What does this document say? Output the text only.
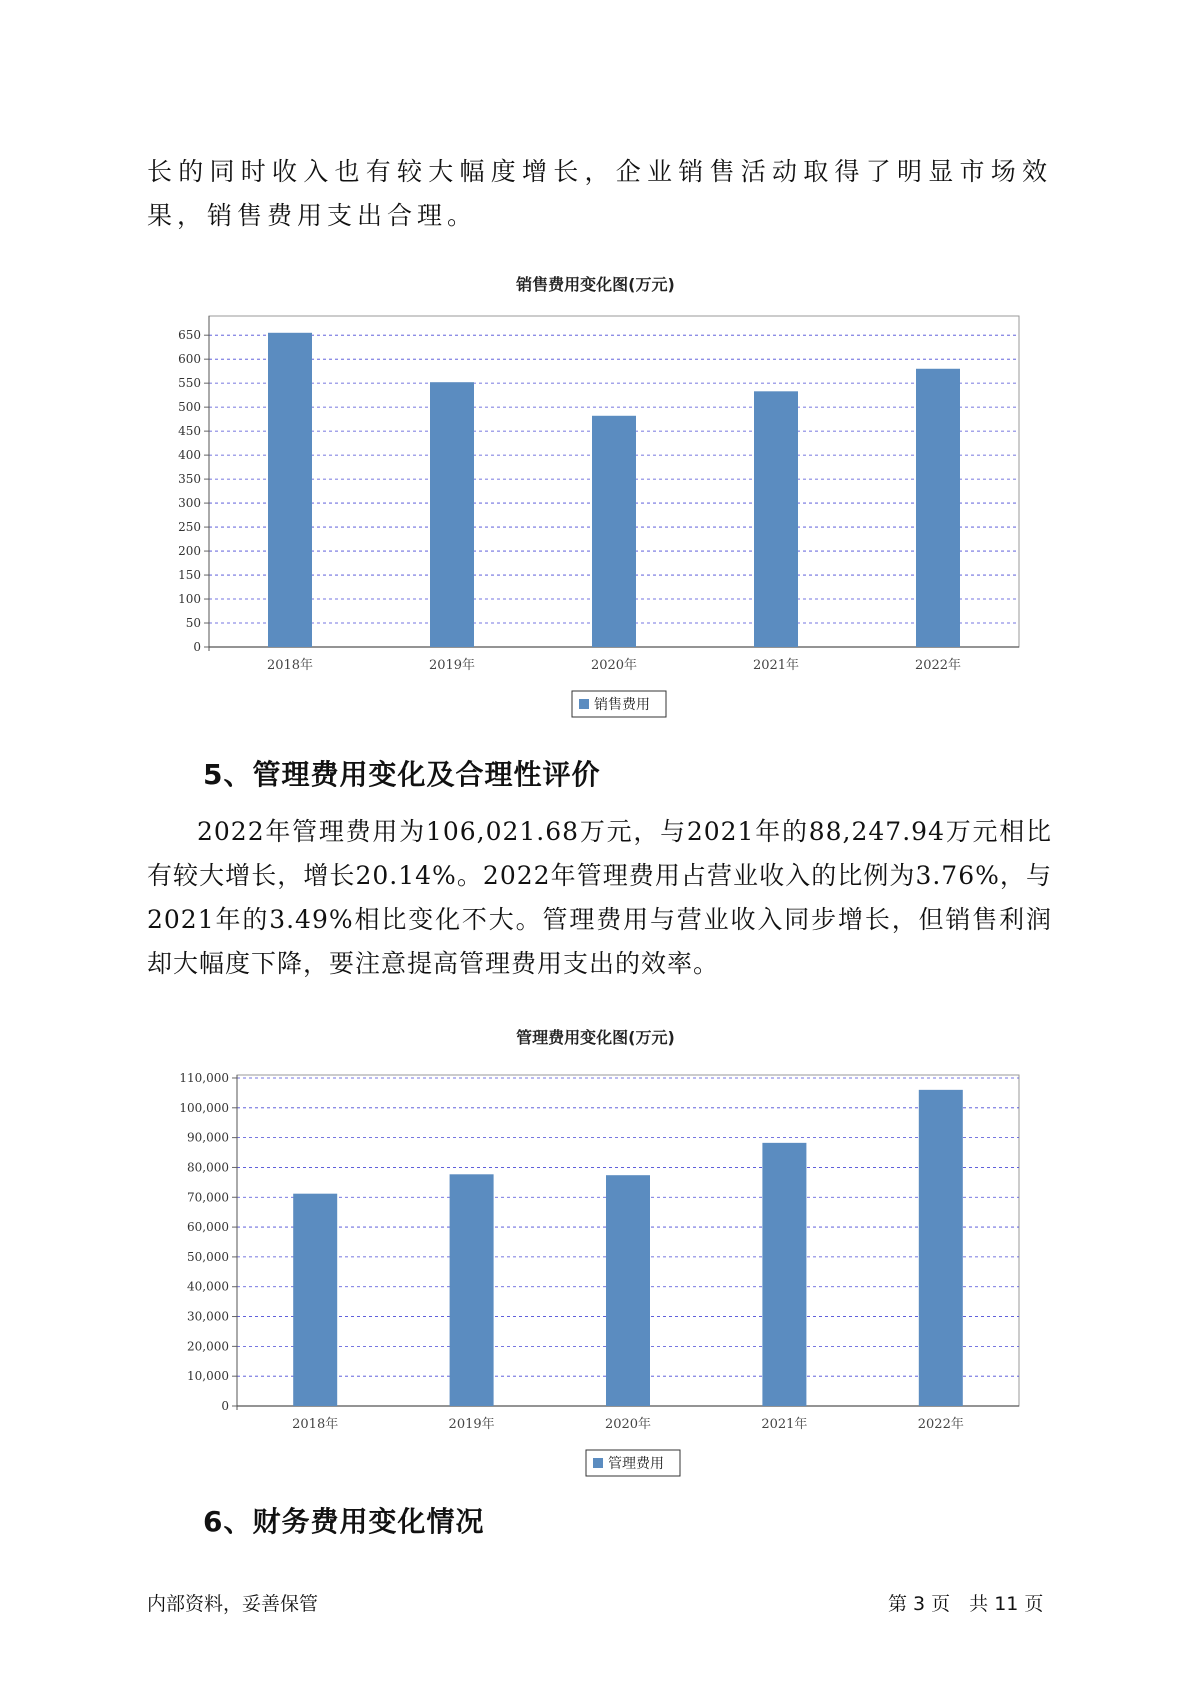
长的同时收入也有较大幅度增长，企业销售活动取得了明显市场效果，销售费用支出合理。

销售费用变化图(万元)
0
50
100
150
200
250
300
350
400
450
500
550
600
650
2018年	2019年	2020年	2021年	2022年
销售费用
5、管理费用变化及合理性评价

2022年管理费用为106,021.68万元，与2021年的88,247.94万元相比有较大增长，增长20.14%。2022年管理费用占营业收入的比例为3.76%，与2021年的3.49%相比变化不大。管理费用与营业收入同步增长，但销售利润却大幅度下降，要注意提高管理费用支出的效率。

管理费用变化图(万元)
0
10,000
20,000
30,000
40,000
50,000
60,000
70,000
80,000
90,000
100,000
110,000
2018年	2019年	2020年	2021年	2022年
管理费用
6、财务费用变化情况
内部资料，妥善保管	第 3 页　共 11 页
